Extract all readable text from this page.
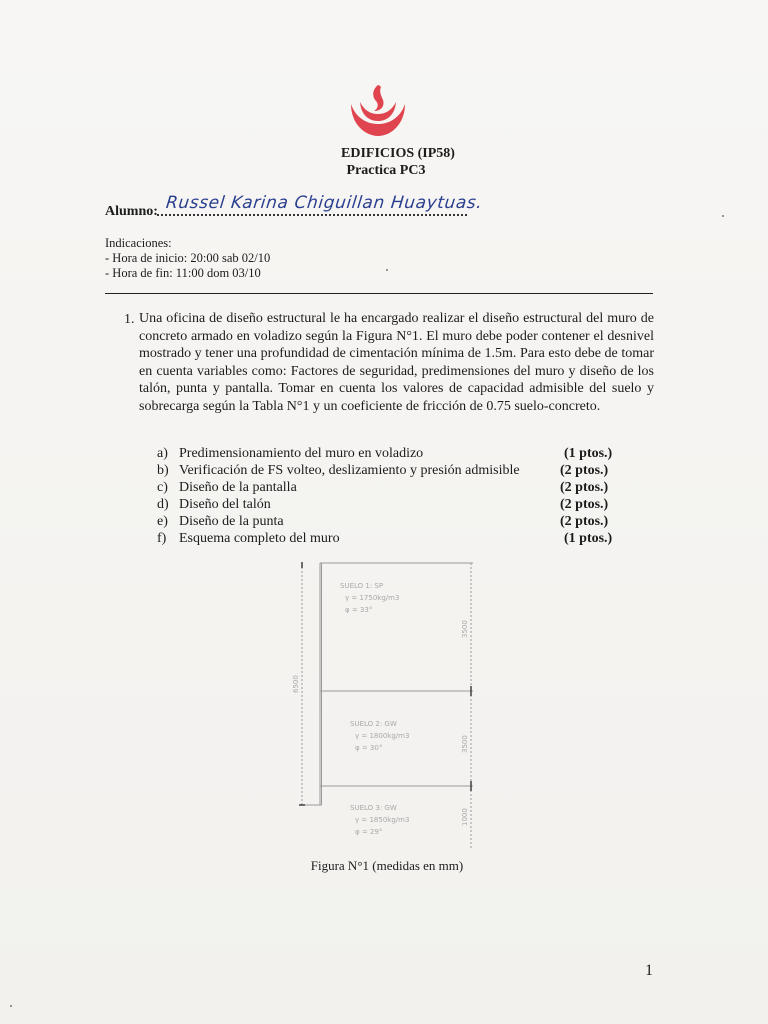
EDIFICIOS (IP58)
Practica PC3
Alumno: Russel Karina Chiguillan Huaytuas.
Indicaciones:
- Hora de inicio: 20:00 sab 02/10
- Hora de fin: 11:00 dom 03/10
1. Una oficina de diseño estructural le ha encargado realizar el diseño estructural del muro de concreto armado en voladizo según la Figura N°1. El muro debe poder contener el desnivel mostrado y tener una profundidad de cimentación mínima de 1.5m. Para esto debe de tomar en cuenta variables como: Factores de seguridad, predimensiones del muro y diseño de los talón, punta y pantalla. Tomar en cuenta los valores de capacidad admisible del suelo y sobrecarga según la Tabla N°1 y un coeficiente de fricción de 0.75 suelo-concreto.
a) Predimensionamiento del muro en voladizo	(1 ptos.)
b) Verificación de FS volteo, deslizamiento y presión admisible	(2 ptos.)
c) Diseño de la pantalla	(2 ptos.)
d) Diseño del talón	(2 ptos.)
e) Diseño de la punta	(2 ptos.)
f) Esquema completo del muro	(1 ptos.)
SUELO 1: SP
γ = 1750kg/m3
φ = 33°
SUELO 2: GW
γ = 1800kg/m3
φ = 30°
SUELO 3: GW
γ = 1850kg/m3
φ = 29°
6500
3500
3500
1000
Figura N°1 (medidas en mm)
1
